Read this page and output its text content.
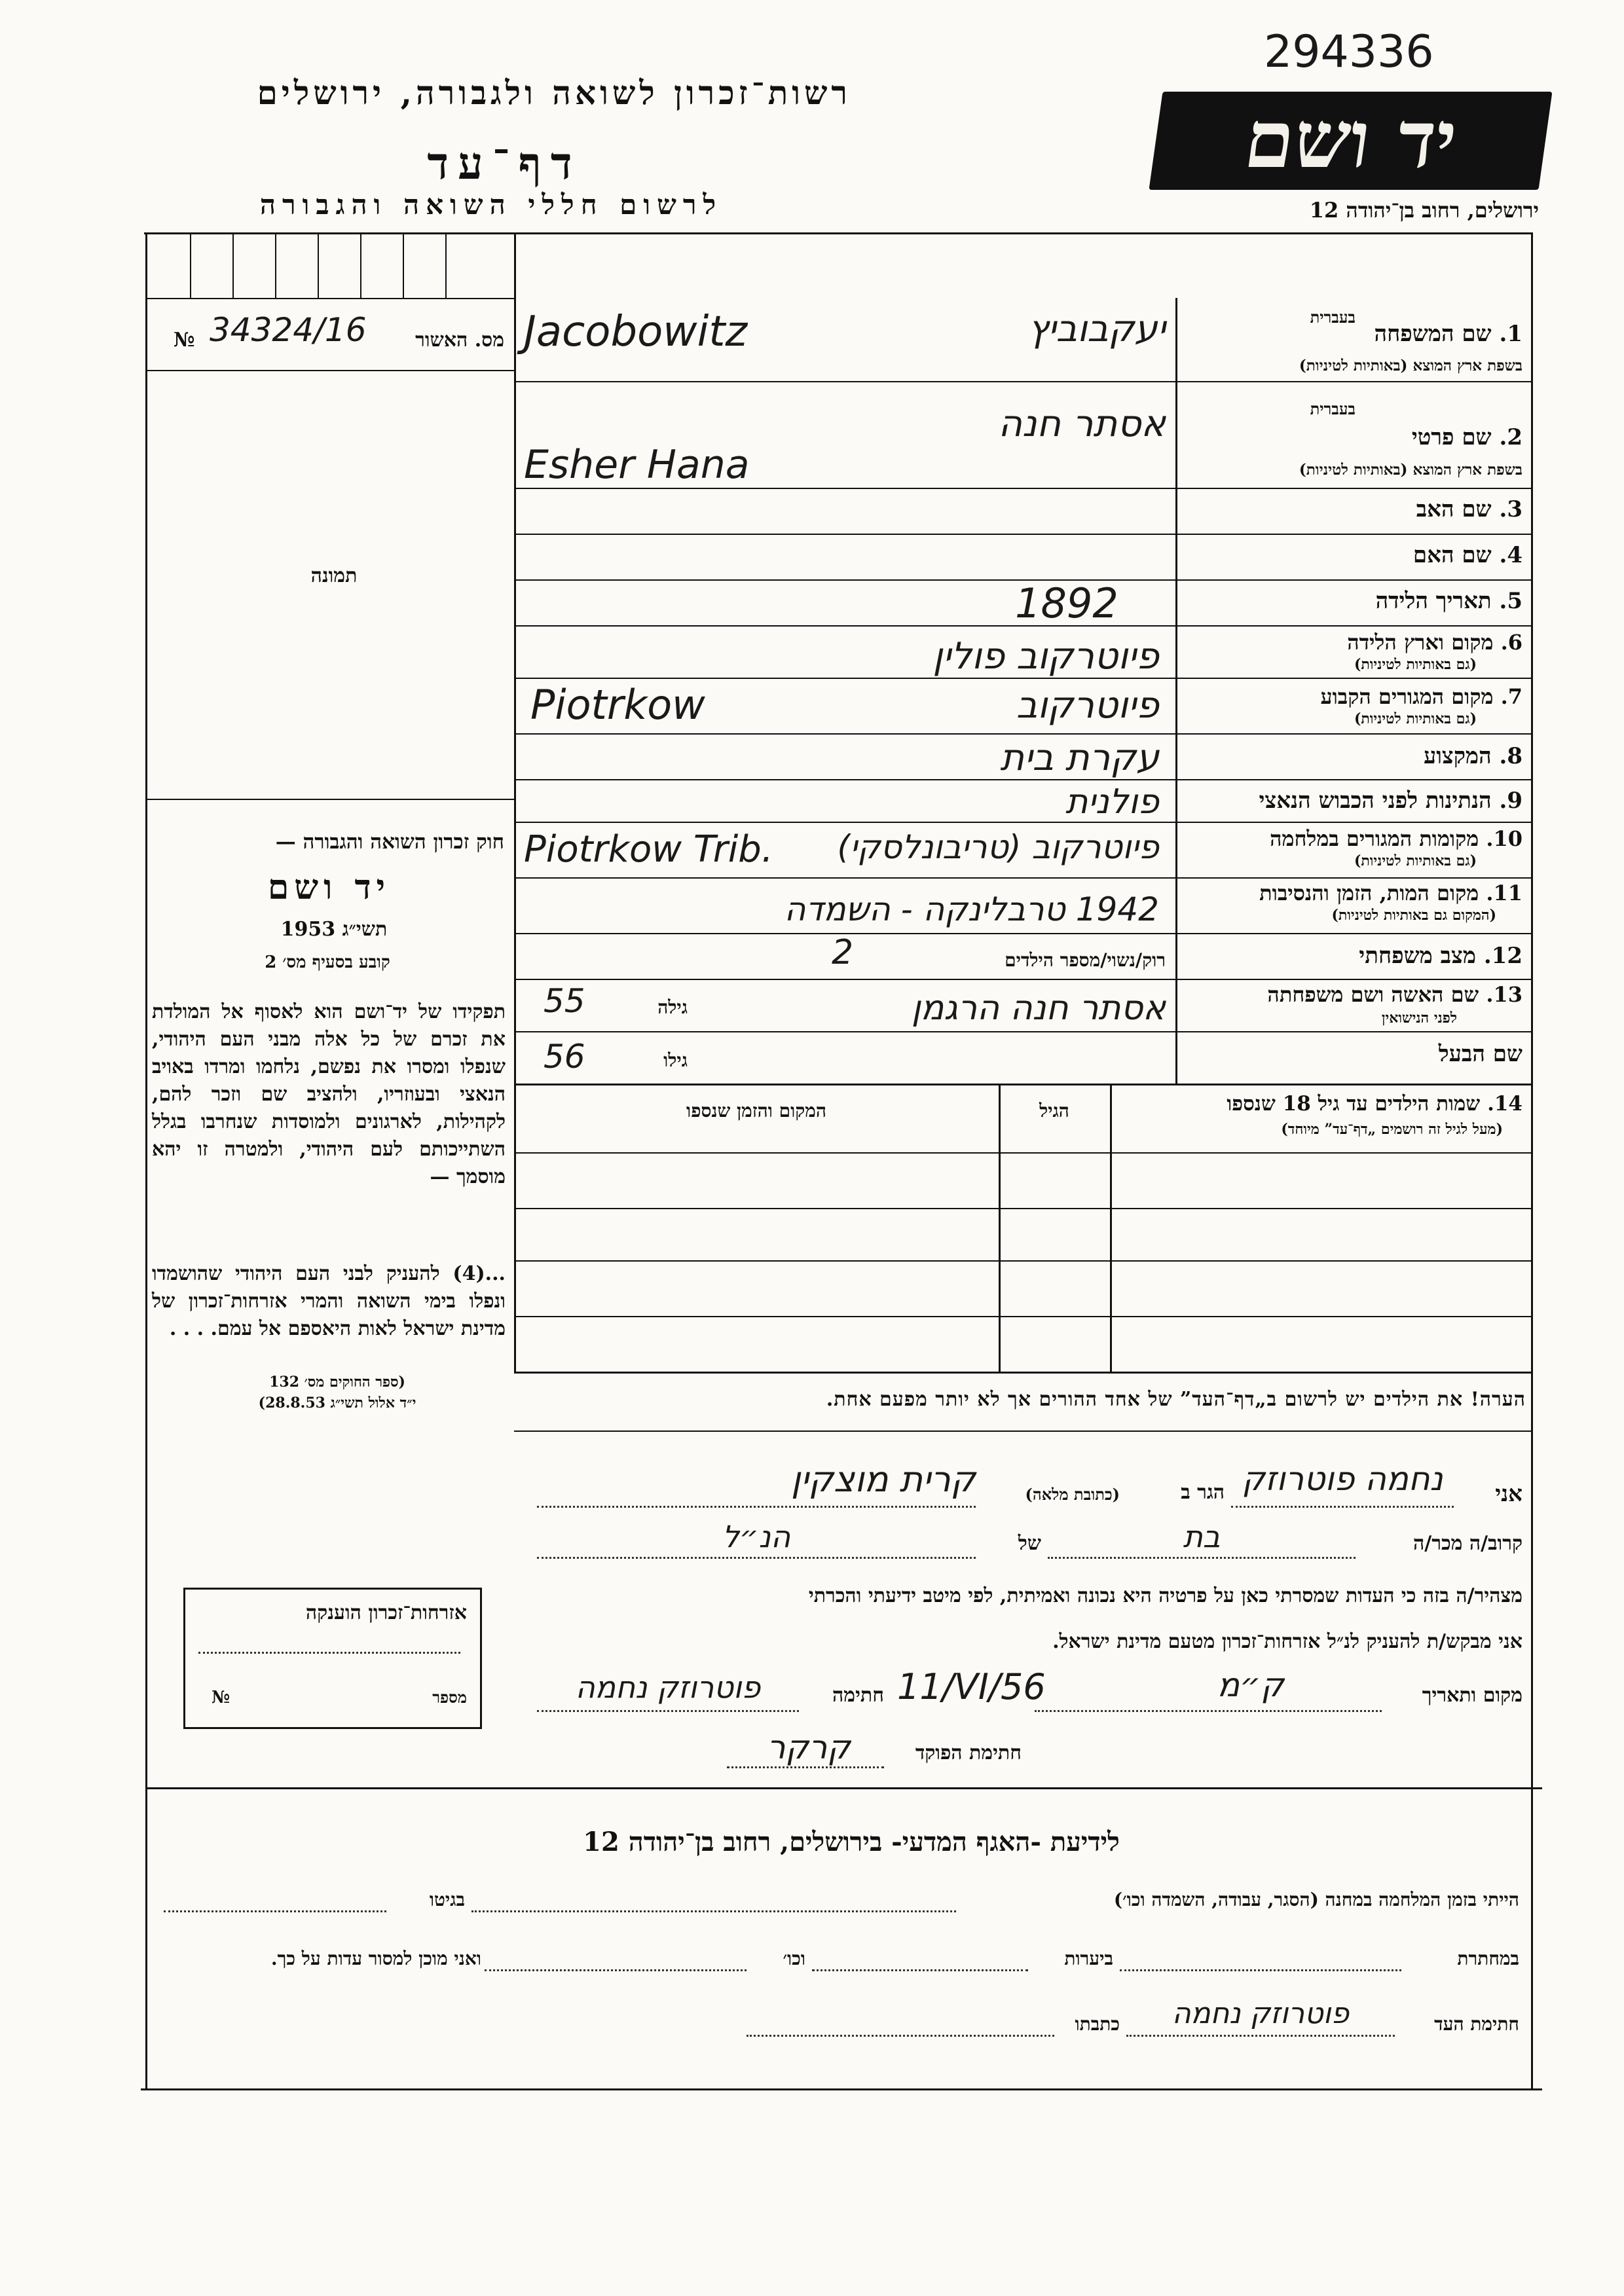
294336
רשות־זכרון לשואה ולגבורה, ירושלים
דף־עד
לרשום חללי השואה והגבורה
יד ושם
ירושלים, רחוב בן־יהודה 12
№ 34324/16	מס. האשור
תמונה
חוק זכרון השואה והגבורה —
יד ושם
תשי״ג 1953
קובע בסעיף מס׳ 2
תפקידו של יד־ושם הוא לאסוף אל המולדת את זכרם של כל אלה מבני העם היהודי, שנפלו ומסרו את נפשם, נלחמו ומרדו באויב הנאצי ובעוזריו, ולהציב שם וזכר להם, לקהילות, לארגונים ולמוסדות שנחרבו בגלל השתייכותם לעם היהודי, ולמטרה זו יהא מוסמך —
...(4) להעניק לבני העם היהודי שהושמדו ונפלו בימי השואה והמרי אזרחות־זכרון של מדינת ישראל לאות היאספם אל עמם. . . .
(ספר החוקים מס׳ 132
י״ד אלול תשי״ג 28.8.53)
1. שם המשפחה
בעברית
בשפת ארץ המוצא (באותיות לטיניות)
Jacobowitz	יעקבוביץ
בעברית
2. שם פרטי
בשפת ארץ המוצא (באותיות לטיניות)
אסתר חנה
Esher Hana
3. שם האב
4. שם האם
5. תאריך הלידה
1892
6. מקום וארץ הלידה
(גם באותיות לטיניות)
פיוטרקוב פולין
7. מקום המגורים הקבוע
(גם באותיות לטיניות)
Piotrkow	פיוטרקוב
8. המקצוע
עקרת בית
9. הנתינות לפני הכבוש הנאצי
פולנית
10. מקומות המגורים במלחמה
(גם באותיות לטיניות)
Piotrkow Trib.	פיוטרקוב (טריבונלסקי)
11. מקום המות, הזמן והנסיבות
(המקום גם באותיות לטיניות)
1942 טרבלינקה - השמדה
12. מצב משפחתי
רוק/נשוי/מספר הילדים
2
13. שם האשה ושם משפחתה
לפני הנישואין
אסתר חנה הרגמן
55	גילה
שם הבעל
56	גילו
14. שמות הילדים עד גיל 18 שנספו
(מעל לגיל זה רושמים „דף־עד” מיוחד)
הגיל
המקום והזמן שנספו
הערה! את הילדים יש לרשום ב„דף־העד” של אחד ההורים אך לא יותר מפעם אחת.
אני
נחמה פוטרוזק
הגר ב
(כתובת מלאה)
קרית מוצקין
קרוב/ה מכר/ה
בת
של
הנ״ל
מצהיר/ה בזה כי העדות שמסרתי כאן על פרטיה היא נכונה ואמיתית, לפי מיטב ידיעתי והכרתי
אני מבקש/ת להעניק לנ״ל אזרחות־זכרון מטעם מדינת ישראל.
מקום ותאריך
ק״מ
11/VI/56
חתימה
פוטרוזק נחמה
חתימת הפוקד
קרקר
אזרחות־זכרון הוענקה
№	מספר
לידיעת -האגף המדעי- בירושלים, רחוב בן־יהודה 12
הייתי בזמן המלחמה במחנה (הסגר, עבודה, השמדה וכו׳)
בגיטו
במחתרת
ביערות
וכו׳
ואני מוכן למסור עדות על כך.
חתימת העד
פוטרוזק נחמה
כתבתו
